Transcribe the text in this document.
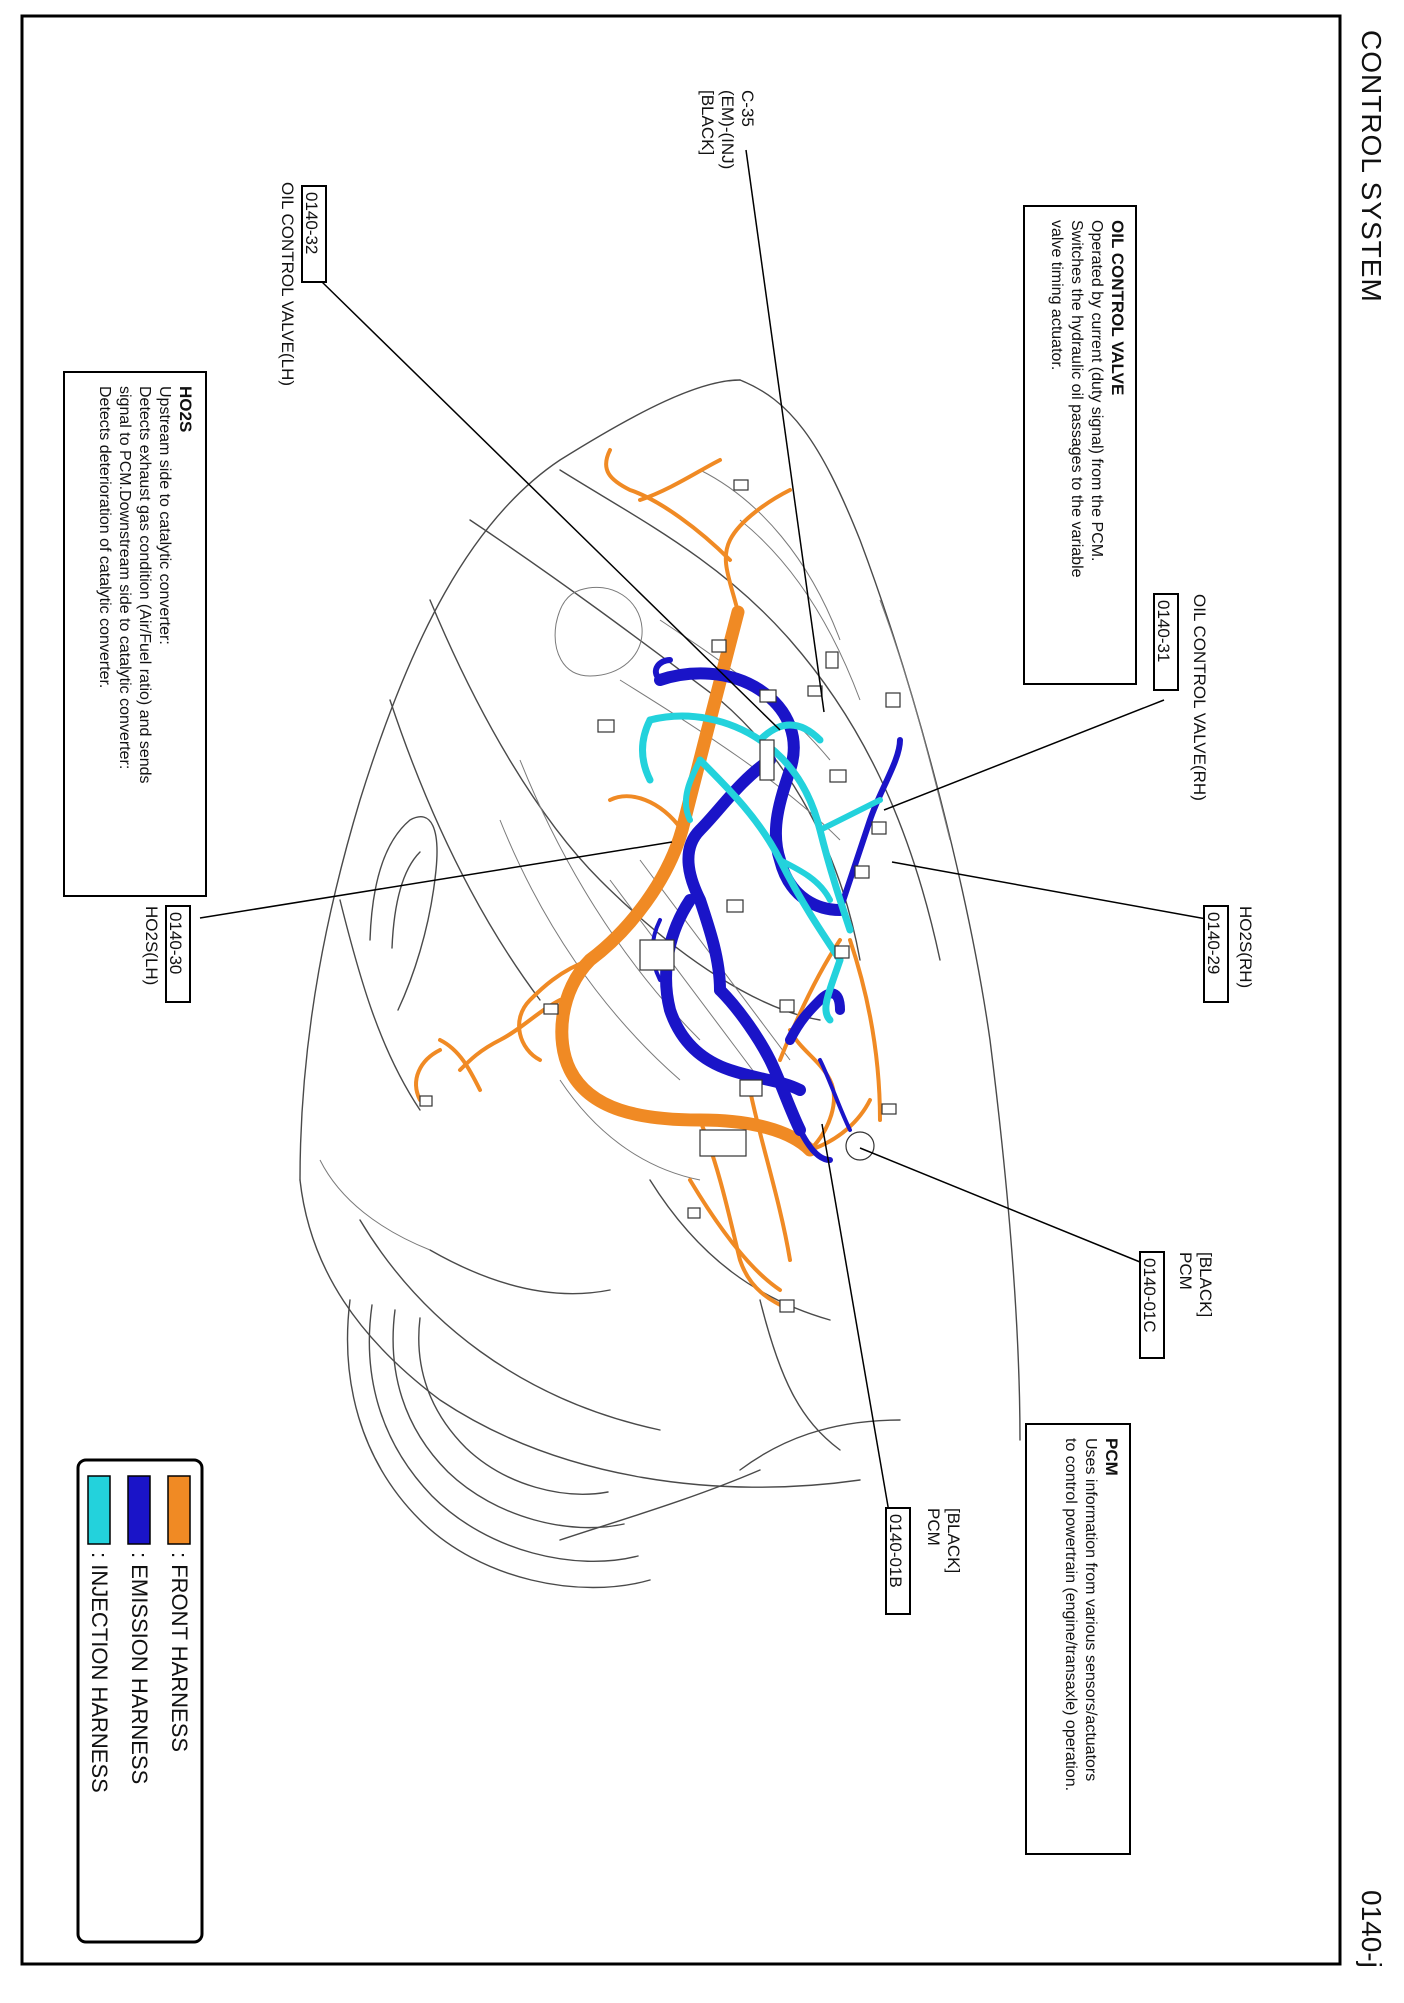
CONTROL SYSTEM
0140-j
C-35
(EM)-(INJ)
[BLACK]
0140-32
OIL CONTROL VALVE(LH)
OIL CONTROL VALVE(RH)
0140-31
HO2S(RH)
0140-29
0140-30
HO2S(LH)
[BLACK]
PCM
0140-01C
[BLACK]
PCM
0140-01B
OIL CONTROL VALVE
Operated by current (duty signal) from the PCM.
Switches the hydraulic oil passages to the variable
valve timing actuator.
HO2S
Upstream side to catalytic converter:
Detects exhaust gas condition (Air/Fuel ratio) and sends
signal to PCM.Downstream side to catalytic converter:
Detects deterioration of catalytic converter.
PCM
Uses information from various sensors/actuators
to control powertrain (engine/transaxle) operation.
: FRONT HARNESS
: EMISSION HARNESS
: INJECTION HARNESS
